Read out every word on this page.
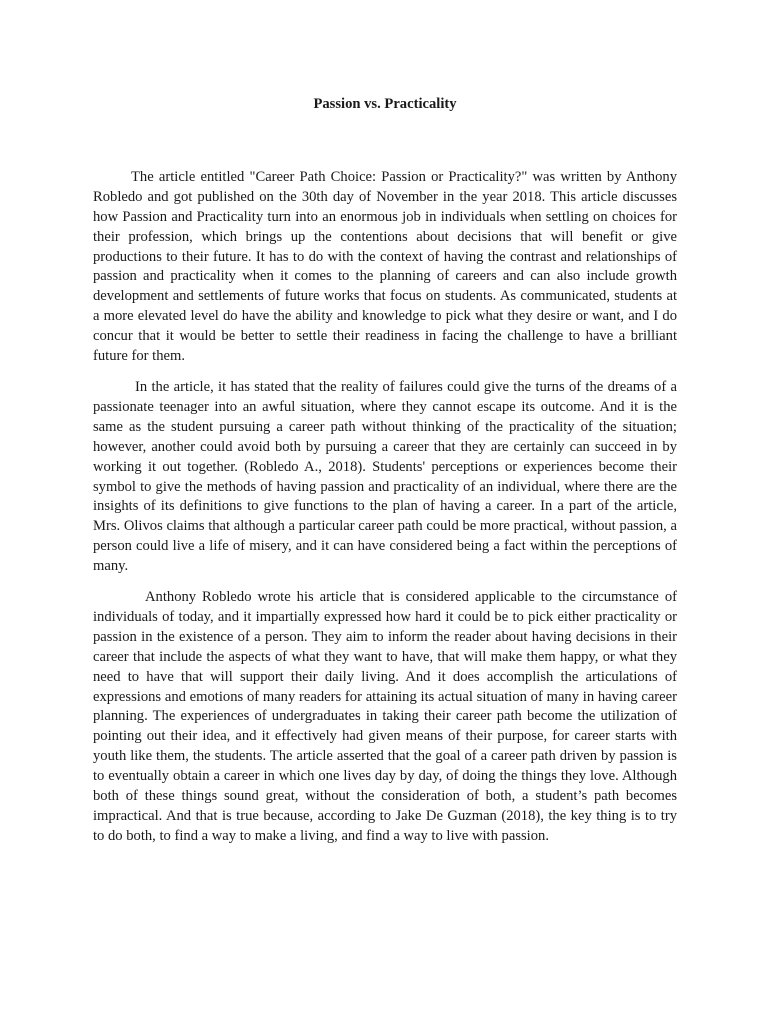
Passion vs. Practicality

The article entitled "Career Path Choice: Passion or Practicality?" was written by Anthony Robledo and got published on the 30th day of November in the year 2018. This article discusses how Passion and Practicality turn into an enormous job in individuals when settling on choices for their profession, which brings up the contentions about decisions that will benefit or give productions to their future. It has to do with the context of having the contrast and relationships of passion and practicality when it comes to the planning of careers and can also include growth development and settlements of future works that focus on students. As communicated, students at a more elevated level do have the ability and knowledge to pick what they desire or want, and I do concur that it would be better to settle their readiness in facing the challenge to have a brilliant future for them.

In the article, it has stated that the reality of failures could give the turns of the dreams of a passionate teenager into an awful situation, where they cannot escape its outcome. And it is the same as the student pursuing a career path without thinking of the practicality of the situation; however, another could avoid both by pursuing a career that they are certainly can succeed in by working it out together. (Robledo A., 2018). Students' perceptions or experiences become their symbol to give the methods of having passion and practicality of an individual, where there are the insights of its definitions to give functions to the plan of having a career. In a part of the article, Mrs. Olivos claims that although a particular career path could be more practical, without passion, a person could live a life of misery, and it can have considered being a fact within the perceptions of many.

Anthony Robledo wrote his article that is considered applicable to the circumstance of individuals of today, and it impartially expressed how hard it could be to pick either practicality or passion in the existence of a person. They aim to inform the reader about having decisions in their career that include the aspects of what they want to have, that will make them happy, or what they need to have that will support their daily living. And it does accomplish the articulations of expressions and emotions of many readers for attaining its actual situation of many in having career planning. The experiences of undergraduates in taking their career path become the utilization of pointing out their idea, and it effectively had given means of their purpose, for career starts with youth like them, the students. The article asserted that the goal of a career path driven by passion is to eventually obtain a career in which one lives day by day, of doing the things they love. Although both of these things sound great, without the consideration of both, a student’s path becomes impractical. And that is true because, according to Jake De Guzman (2018), the key thing is to try to do both, to find a way to make a living, and find a way to live with passion.
